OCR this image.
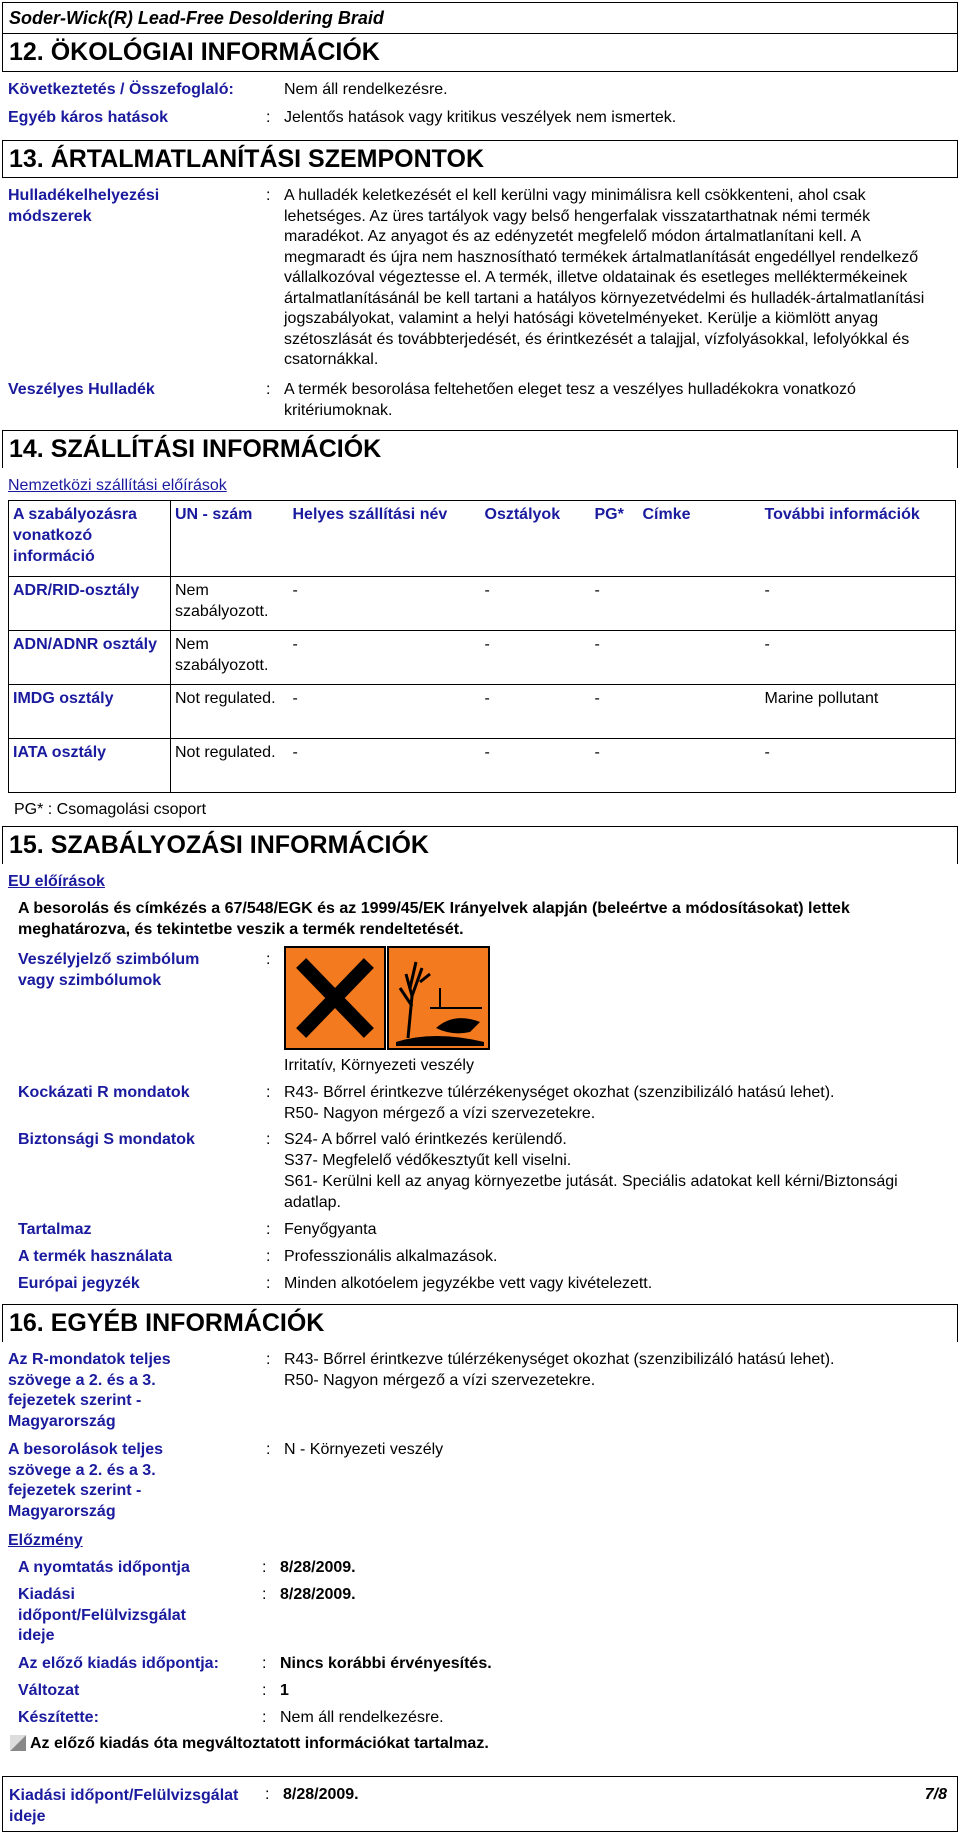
Soder-Wick(R) Lead-Free Desoldering Braid
12. ÖKOLÓGIAI INFORMÁCIÓK
Következtetés / Összefoglaló:	Nem áll rendelkezésre.
Egyéb káros hatások	: Jelentős hatások vagy kritikus veszélyek nem ismertek.
13. ÁRTALMATLANÍTÁSI SZEMPONTOK
Hulladékelhelyezési módszerek
: A hulladék keletkezését el kell kerülni vagy minimálisra kell csökkenteni, ahol csak lehetséges. Az üres tartályok vagy belső hengerfalak visszatarthatnak némi termék maradékot. Az anyagot és az edényzetét megfelelő módon ártalmatlanítani kell. A megmaradt és újra nem hasznosítható termékek ártalmatlanítását engedéllyel rendelkező vállalkozóval végeztesse el. A termék, illetve oldatainak és esetleges melléktermékeinek ártalmatlanításánál be kell tartani a hatályos környezetvédelmi és hulladék-ártalmatlanítási jogszabályokat, valamint a helyi hatósági követelményeket. Kerülje a kiömlött anyag szétoszlását és továbbterjedését, és érintkezését a talajjal, vízfolyásokkal, lefolyókkal és csatornákkal.
Veszélyes Hulladék	: A termék besorolása feltehetően eleget tesz a veszélyes hulladékokra vonatkozó kritériumoknak.
14. SZÁLLÍTÁSI INFORMÁCIÓK
Nemzetközi szállítási előírások
A szabályozásra vonatkozó információ	UN - szám	Helyes szállítási név	Osztályok	PG*	Címke	További információk
ADR/RID-osztály	Nem szabályozott.	-	-	-		-
ADN/ADNR osztály	Nem szabályozott.	-	-	-		-
IMDG osztály	Not regulated.	-	-	-		Marine pollutant
IATA osztály	Not regulated.	-	-	-		-
PG* : Csomagolási csoport
15. SZABÁLYOZÁSI INFORMÁCIÓK
EU előírások
A besorolás és címkézés a 67/548/EGK és az 1999/45/EK Irányelvek alapján (beleértve a módosításokat) lettek meghatározva, és tekintetbe veszik a termék rendeltetését.
Veszélyjelző szimbólum vagy szimbólumok
:
Irritatív, Környezeti veszély
Kockázati R mondatok	: R43- Bőrrel érintkezve túlérzékenységet okozhat (szenzibilizáló hatású lehet).
R50- Nagyon mérgező a vízi szervezetekre.
Biztonsági S mondatok	: S24- A bőrrel való érintkezés kerülendő.
S37- Megfelelő védőkesztyűt kell viselni.
S61- Kerülni kell az anyag környezetbe jutását. Speciális adatokat kell kérni/Biztonsági adatlap.
Tartalmaz	: Fenyőgyanta
A termék használata	: Professzionális alkalmazások.
Európai jegyzék	: Minden alkotóelem jegyzékbe vett vagy kivételezett.
16. EGYÉB INFORMÁCIÓK
Az R-mondatok teljes szövege a 2. és a 3. fejezetek szerint - Magyarország
: R43- Bőrrel érintkezve túlérzékenységet okozhat (szenzibilizáló hatású lehet).
R50- Nagyon mérgező a vízi szervezetekre.
A besorolások teljes szövege a 2. és a 3. fejezetek szerint - Magyarország
: N - Környezeti veszély
Előzmény
A nyomtatás időpontja	: 8/28/2009.
Kiadási időpont/Felülvizsgálat ideje
: 8/28/2009.
Az előző kiadás időpontja:	: Nincs korábbi érvényesítés.
Változat	: 1
Készítette:	: Nem áll rendelkezésre.
Az előző kiadás óta megváltoztatott információkat tartalmaz.
Kiadási időpont/Felülvizsgálat ideje
: 8/28/2009.	7/8
